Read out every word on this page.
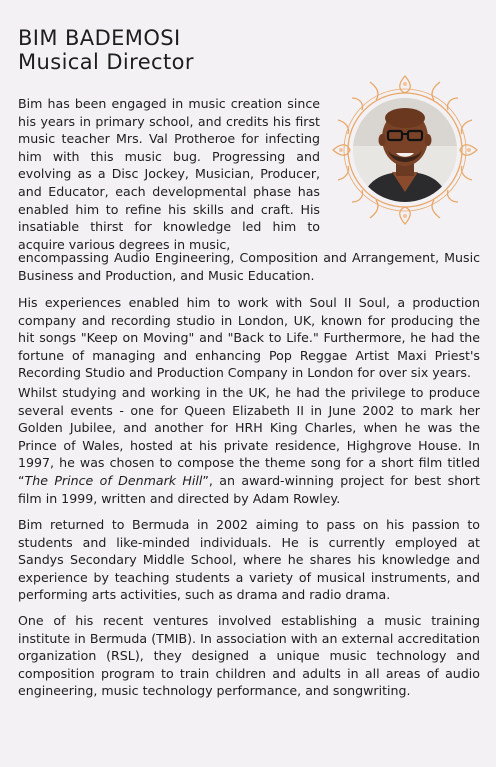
BIM BADEMOSI
Musical Director

Bim has been engaged in music creation since his years in primary school, and credits his first music teacher Mrs. Val Protheroe for infecting him with this music bug. Progressing and evolving as a Disc Jockey, Musician, Producer, and Educator, each developmental phase has enabled him to refine his skills and craft. His insatiable thirst for knowledge led him to acquire various degrees in music,

encompassing Audio Engineering, Composition and Arrangement, Music Business and Production, and Music Education.

His experiences enabled him to work with Soul II Soul, a production company and recording studio in London, UK, known for producing the hit songs "Keep on Moving" and "Back to Life." Furthermore, he had the fortune of managing and enhancing Pop Reggae Artist Maxi Priest's Recording Studio and Production Company in London for over six years.

Whilst studying and working in the UK, he had the privilege to produce several events - one for Queen Elizabeth II in June 2002 to mark her Golden Jubilee, and another for HRH King Charles, when he was the Prince of Wales, hosted at his private residence, Highgrove House. In 1997, he was chosen to compose the theme song for a short film titled “The Prince of Denmark Hill”, an award-winning project for best short film in 1999, written and directed by Adam Rowley.

Bim returned to Bermuda in 2002 aiming to pass on his passion to students and like-minded individuals. He is currently employed at Sandys Secondary Middle School, where he shares his knowledge and experience by teaching students a variety of musical instruments, and performing arts activities, such as drama and radio drama.

One of his recent ventures involved establishing a music training institute in Bermuda (TMIB). In association with an external accreditation organization (RSL), they designed a unique music technology and composition program to train children and adults in all areas of audio engineering, music technology performance, and songwriting.
